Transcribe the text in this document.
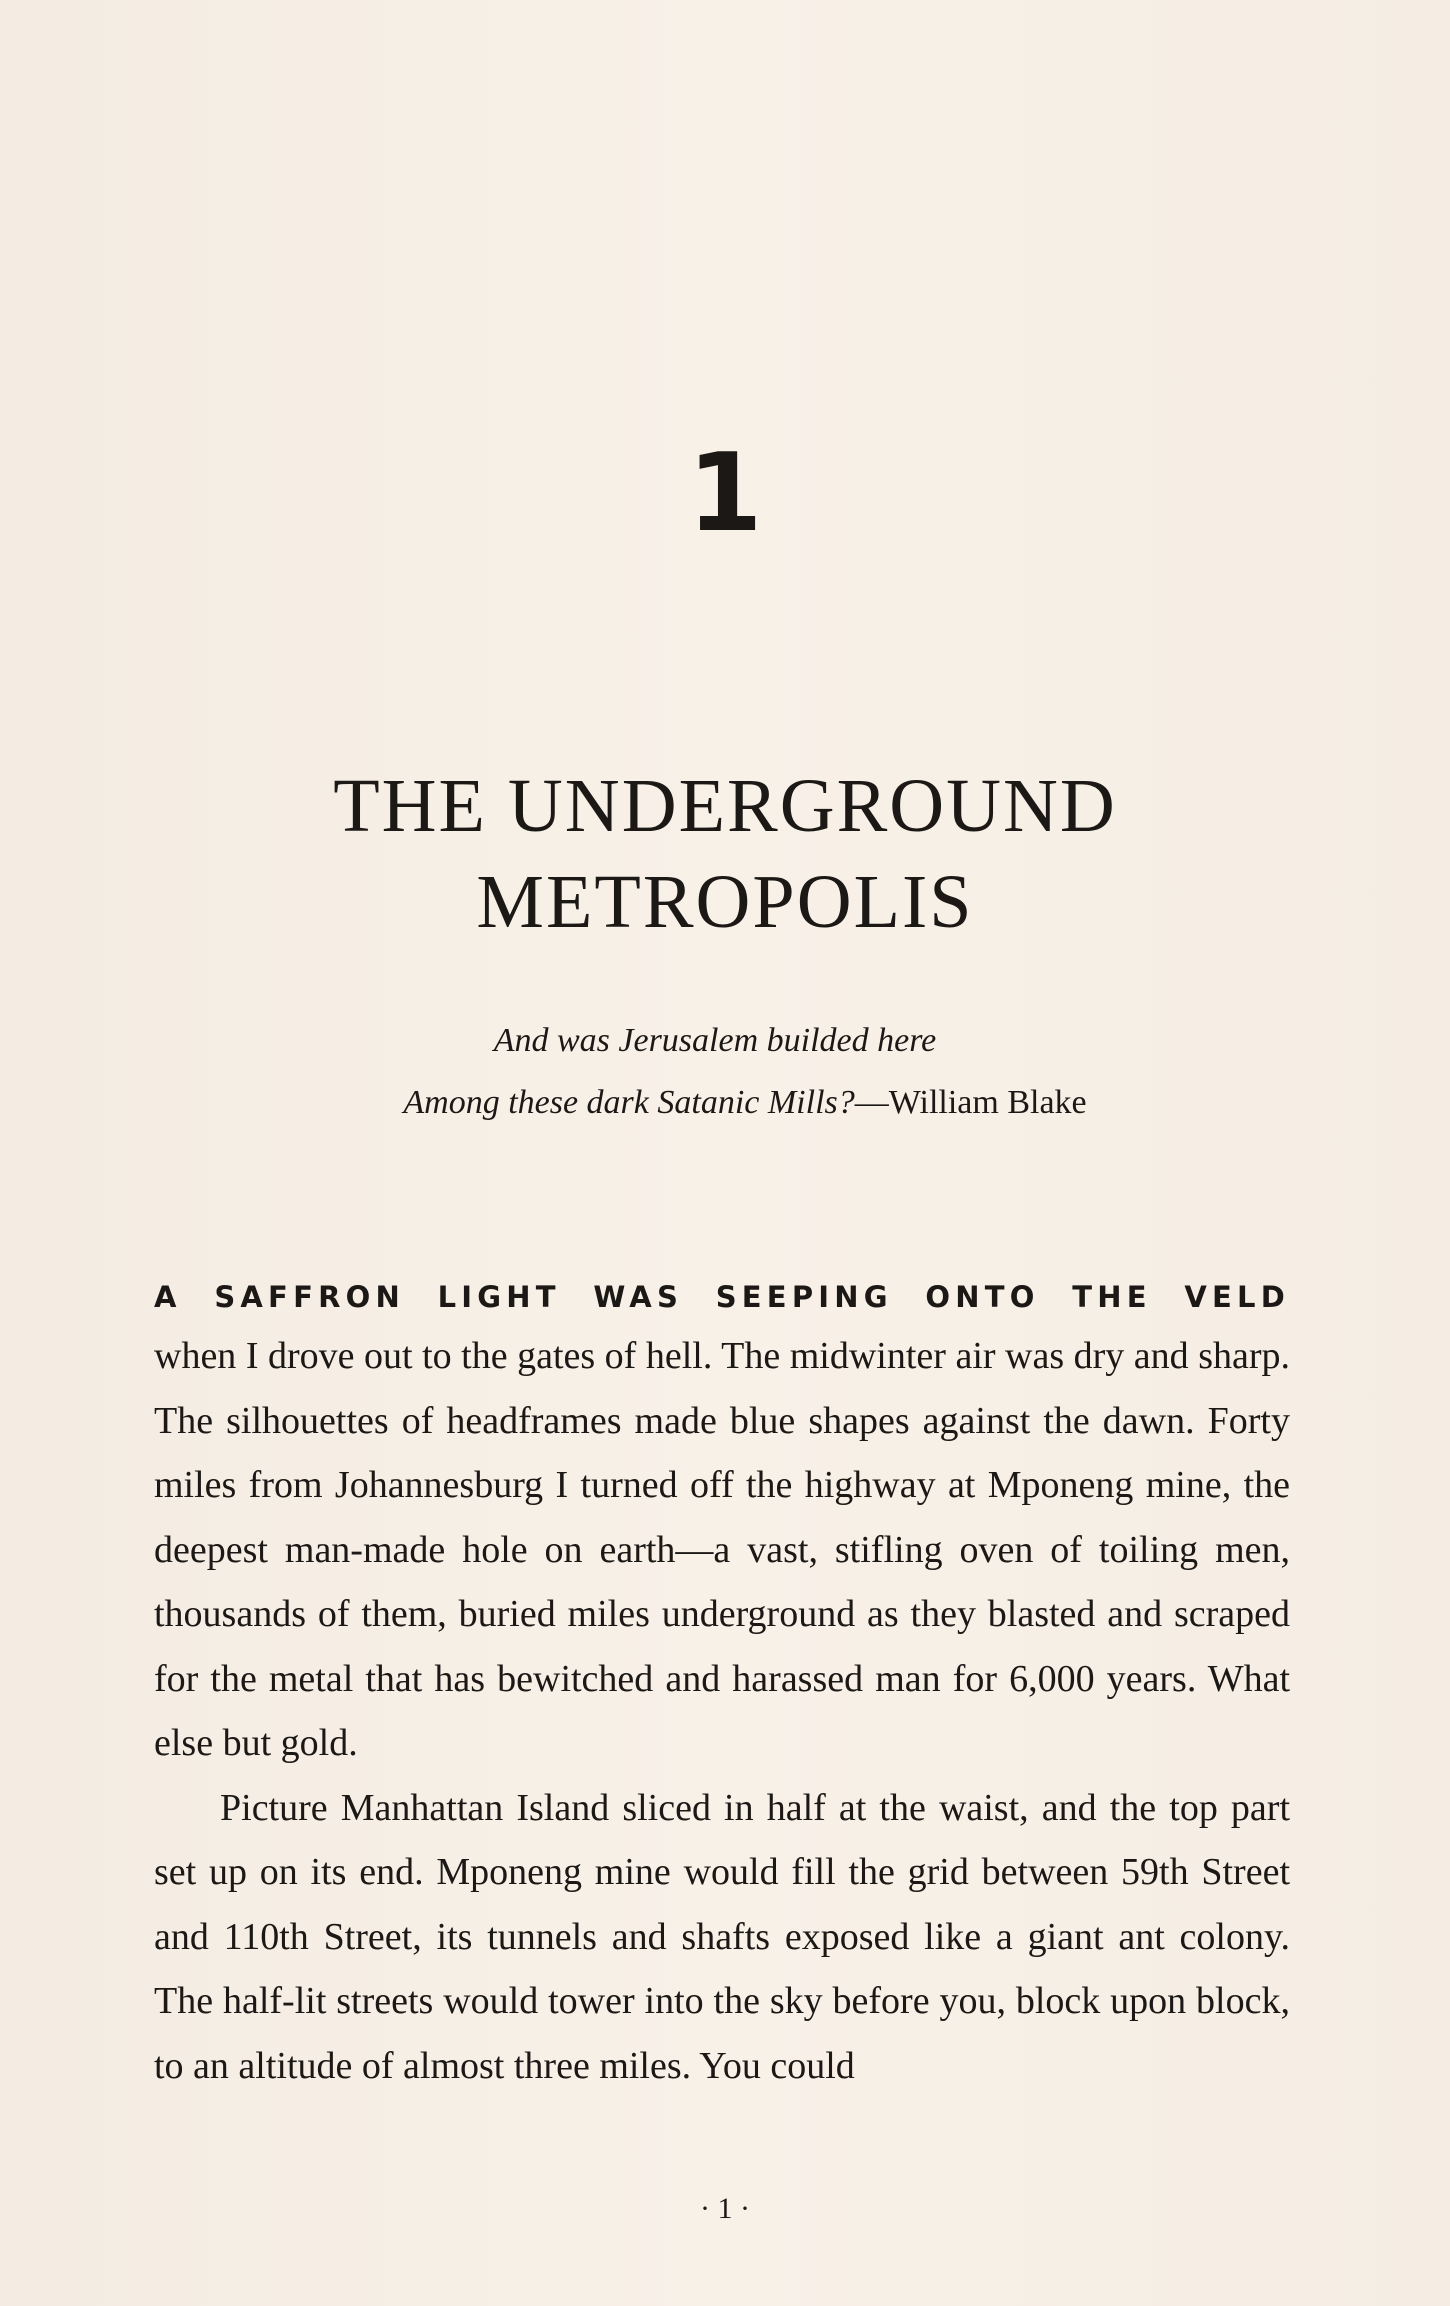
1
THE UNDERGROUND
METROPOLIS
And was Jerusalem builded here
Among these dark Satanic Mills?—William Blake
A SAFFRON LIGHT WAS SEEPING ONTO THE VELD

when I drove out to the gates of hell. The midwinter air was dry and sharp. The silhouettes of headframes made blue shapes against the dawn. Forty miles from Johannesburg I turned off the highway at Mponeng mine, the deepest man-made hole on earth—a vast, stifling oven of toiling men, thousands of them, buried miles underground as they blasted and scraped for the metal that has bewitched and harassed man for 6,000 years. What else but gold.

Picture Manhattan Island sliced in half at the waist, and the top part set up on its end. Mponeng mine would fill the grid between 59th Street and 110th Street, its tunnels and shafts exposed like a giant ant colony. The half-lit streets would tower into the sky before you, block upon block, to an altitude of almost three miles. You could

· 1 ·
